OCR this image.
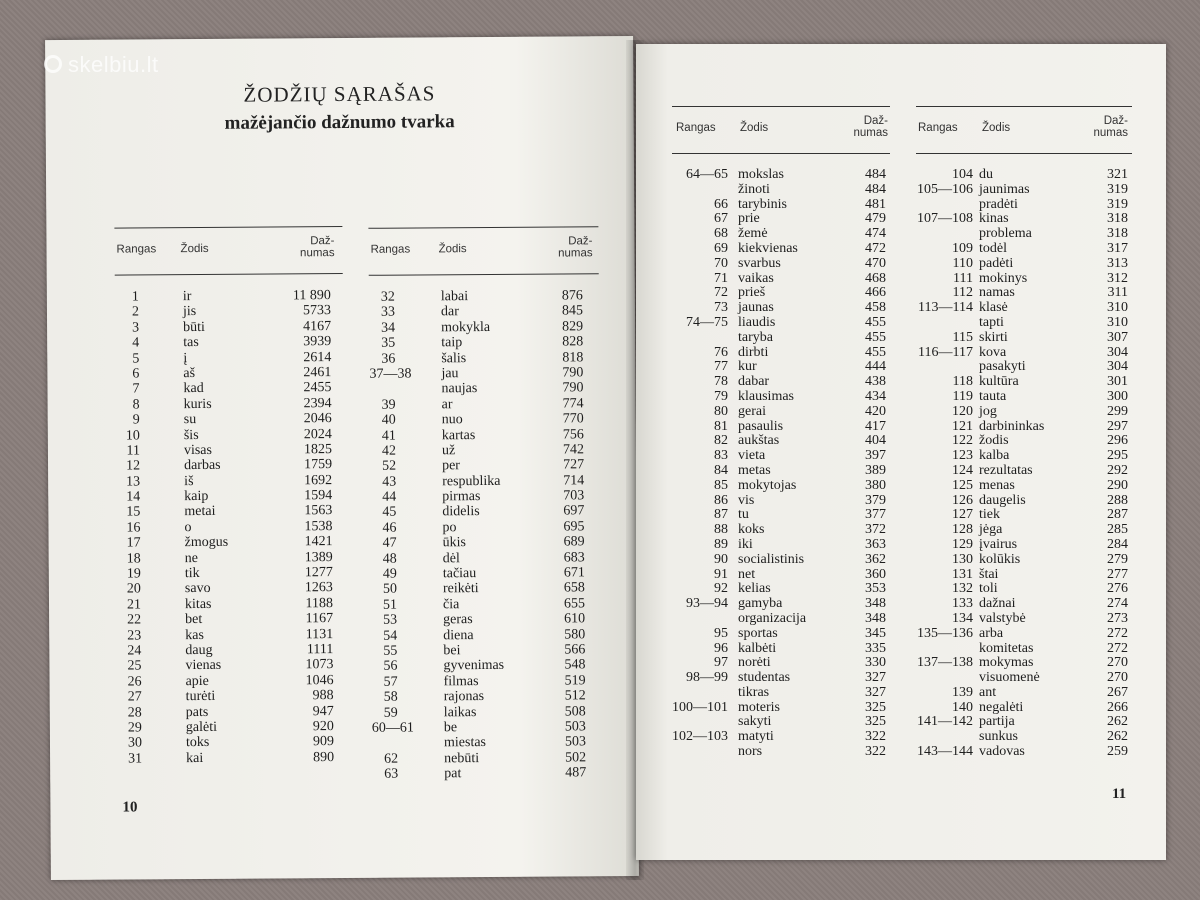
ŽODŽIŲ SĄRAŠAS
mažėjančio dažnumo tvarka
Rangas Žodis
Daž-
numas
1	ir	11 890
2	jis	5733
3	būti	4167
4	tas	3939
5	į	2614
6	aš	2461
7	kad	2455
8	kuris	2394
9	su	2046
10	šis	2024
11	visas	1825
12	darbas	1759
13	iš	1692
14	kaip	1594
15	metai	1563
16	o	1538
17	žmogus	1421
18	ne	1389
19	tik	1277
20	savo	1263
21	kitas	1188
22	bet	1167
23	kas	1131
24	daug	1111
25	vienas	1073
26	apie	1046
27	turėti	988
28	pats	947
29	galėti	920
30	toks	909
31	kai	890
Rangas Žodis
Daž-
numas
32	labai	876
33	dar	845
34	mokykla	829
35	taip	828
36	šalis	818
37—38 jau	790
naujas	790
39	ar	774
40	nuo	770
41	kartas	756
42	už	742
52	per	727
43	respublika	714
44	pirmas	703
45	didelis	697
46	po	695
47	ūkis	689
48	dėl	683
49	tačiau	671
50	reikėti	658
51	čia	655
53	geras	610
54	diena	580
55	bei	566
56	gyvenimas	548
57	filmas	519
58	rajonas	512
59	laikas	508
60—61 be	503
miestas	503
62	nebūti	502
63	pat	487
10
Rangas Žodis
Daž-
numas
64—65 mokslas	484
žinoti	484
66 tarybinis	481
67 prie	479
68 žemė	474
69 kiekvienas	472
70 svarbus	470
71 vaikas	468
72 prieš	466
73 jaunas	458
74—75 liaudis	455
taryba	455
76 dirbti	455
77 kur	444
78 dabar	438
79 klausimas	434
80 gerai	420
81 pasaulis	417
82 aukštas	404
83 vieta	397
84 metas	389
85 mokytojas	380
86 vis	379
87 tu	377
88 koks	372
89 iki	363
90 socialistinis	362
91 net	360
92 kelias	353
93—94 gamyba	348
organizacija	348
95 sportas	345
96 kalbėti	335
97 norėti	330
98—99 studentas	327
tikras	327
100—101 moteris	325
sakyti	325
102—103 matyti	322
nors	322
Rangas Žodis
Daž-
numas
104 du	321
105—106 jaunimas	319
pradėti	319
107—108 kinas	318
problema	318
109 todėl	317
110 padėti	313
111 mokinys	312
112 namas	311
113—114 klasė	310
tapti	310
115 skirti	307
116—117 kova	304
pasakyti	304
118 kultūra	301
119 tauta	300
120 jog	299
121 darbininkas	297
122 žodis	296
123 kalba	295
124 rezultatas	292
125 menas	290
126 daugelis	288
127 tiek	287
128 jėga	285
129 įvairus	284
130 kolūkis	279
131 štai	277
132 toli	276
133 dažnai	274
134 valstybė	273
135—136 arba	272
komitetas	272
137—138 mokymas	270
visuomenė	270
139 ant	267
140 negalėti	266
141—142 partija	262
sunkus	262
143—144 vadovas	259
11
skelbiu.lt
